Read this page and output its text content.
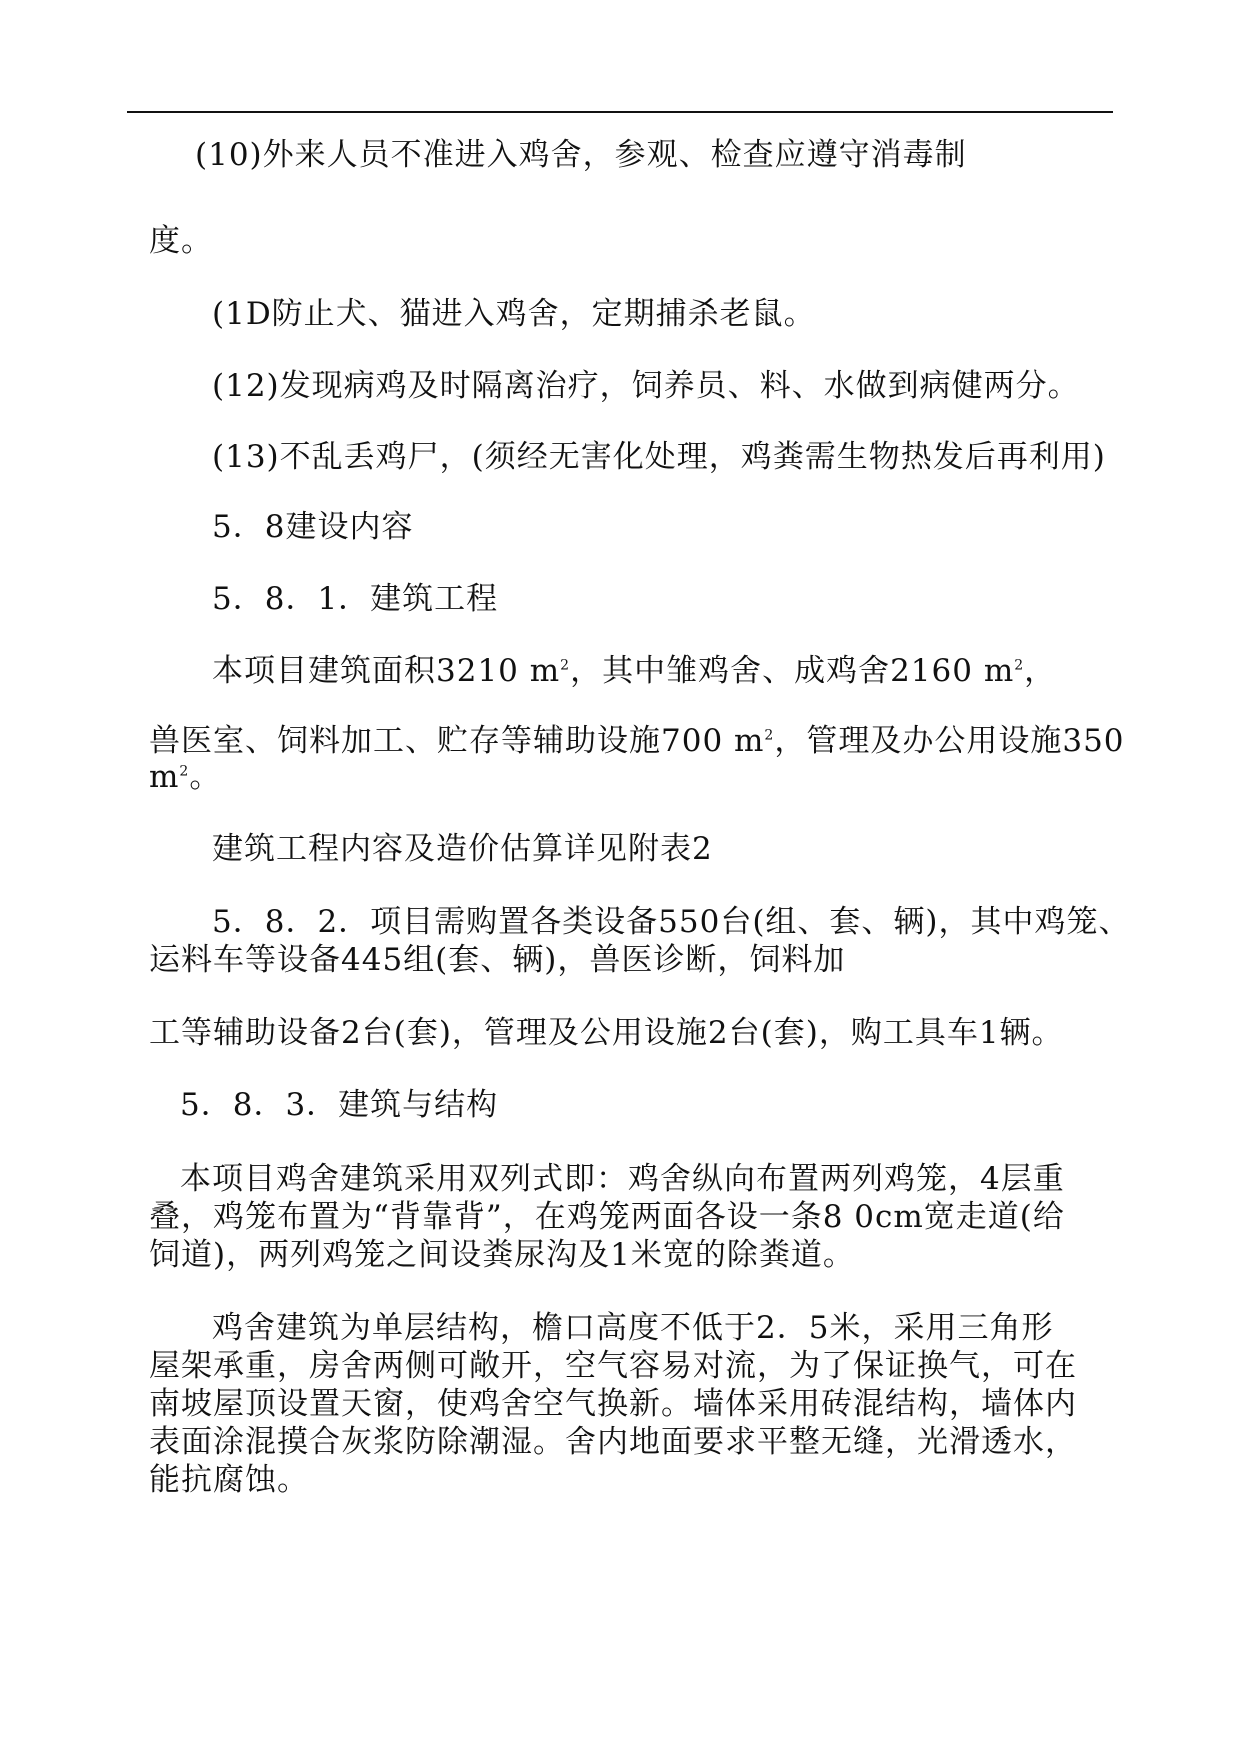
(10)外来人员不准进入鸡舍，参观、检查应遵守消毒制
度。
(1D防止犬、猫进入鸡舍，定期捕杀老鼠。
(12)发现病鸡及时隔离治疗，饲养员、料、水做到病健两分。
(13)不乱丢鸡尸，(须经无害化处理，鸡粪需生物热发后再利用)
5．8建设内容
5．8．1．建筑工程
本项目建筑面积3210 $m^2$，其中雏鸡舍、成鸡舍2160 $m^2$，
兽医室、饲料加工、贮存等辅助设施700 $m^2$，管理及办公用设施350
$m^2$。
建筑工程内容及造价估算详见附表2
5．8．2．项目需购置各类设备550台(组、套、辆)，其中鸡笼、
运料车等设备445组(套、辆)，兽医诊断，饲料加
工等辅助设备2台(套)，管理及公用设施2台(套)，购工具车1辆。
5．8．3．建筑与结构
本项目鸡舍建筑采用双列式即：鸡舍纵向布置两列鸡笼，4层重
叠，鸡笼布置为“背靠背”，在鸡笼两面各设一条8 0cm宽走道(给
饲道)，两列鸡笼之间设粪尿沟及1米宽的除粪道。
鸡舍建筑为单层结构，檐口高度不低于2．5米，采用三角形
屋架承重，房舍两侧可敞开，空气容易对流，为了保证换气，可在
南坡屋顶设置天窗，使鸡舍空气换新。墙体采用砖混结构，墙体内
表面涂混摸合灰浆防除潮湿。舍内地面要求平整无缝，光滑透水，
能抗腐蚀。
